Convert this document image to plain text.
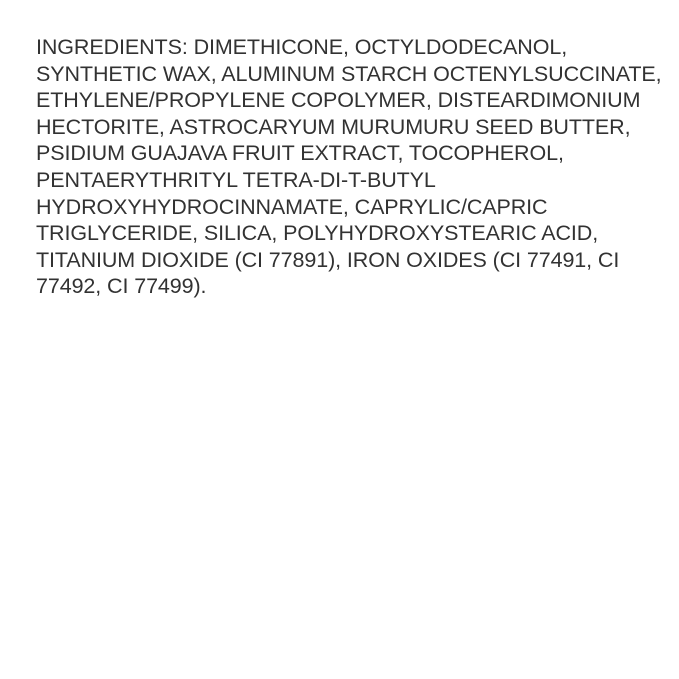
INGREDIENTS: DIMETHICONE, OCTYLDODECANOL,
SYNTHETIC WAX, ALUMINUM STARCH OCTENYLSUCCINATE,
ETHYLENE/PROPYLENE COPOLYMER, DISTEARDIMONIUM
HECTORITE, ASTROCARYUM MURUMURU SEED BUTTER,
PSIDIUM GUAJAVA FRUIT EXTRACT, TOCOPHEROL,
PENTAERYTHRITYL TETRA-DI-T-BUTYL
HYDROXYHYDROCINNAMATE, CAPRYLIC/CAPRIC
TRIGLYCERIDE, SILICA, POLYHYDROXYSTEARIC ACID,
TITANIUM DIOXIDE (CI 77891), IRON OXIDES (CI 77491, CI
77492, CI 77499).
